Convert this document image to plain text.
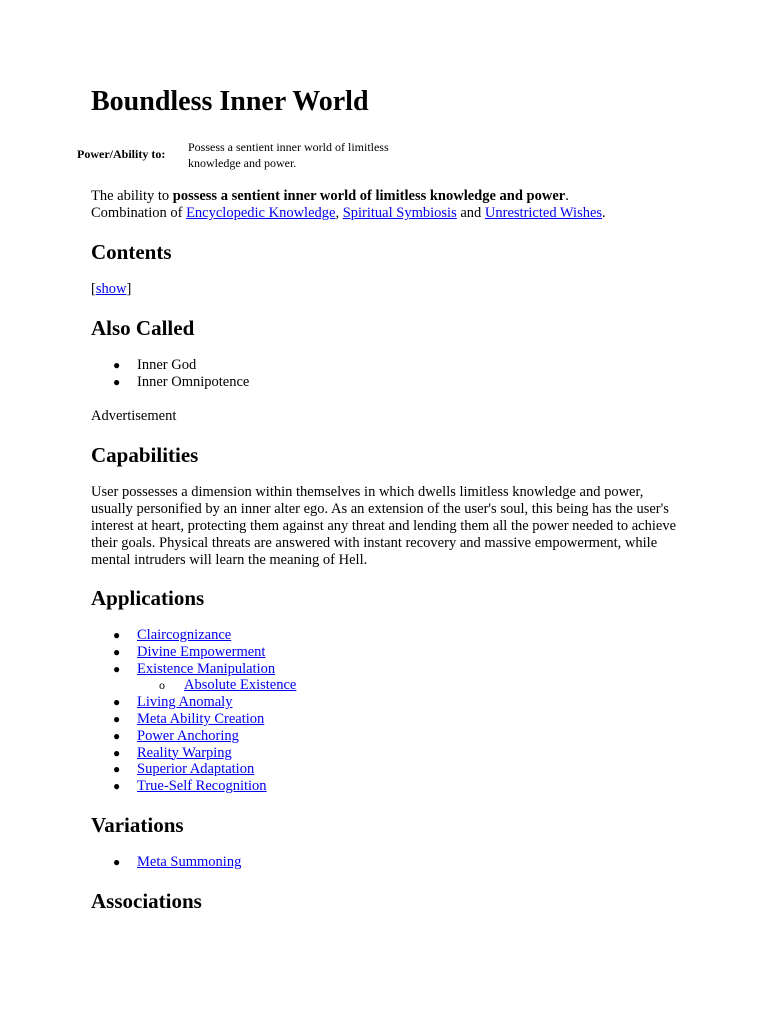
Boundless Inner World
Power/Ability to: Possess a sentient inner world of limitless knowledge and power.
The ability to possess a sentient inner world of limitless knowledge and power.
Combination of Encyclopedic Knowledge, Spiritual Symbiosis and Unrestricted Wishes.
Contents
[show]
Also Called
● Inner God
● Inner Omnipotence
Advertisement
Capabilities
User possesses a dimension within themselves in which dwells limitless knowledge and power, usually personified by an inner alter ego. As an extension of the user's soul, this being has the user's interest at heart, protecting them against any threat and lending them all the power needed to achieve their goals. Physical threats are answered with instant recovery and massive empowerment, while mental intruders will learn the meaning of Hell.
Applications
● Claircognizance
● Divine Empowerment
● Existence Manipulation
o Absolute Existence
● Living Anomaly
● Meta Ability Creation
● Power Anchoring
● Reality Warping
● Superior Adaptation
● True-Self Recognition
Variations
● Meta Summoning
Associations
